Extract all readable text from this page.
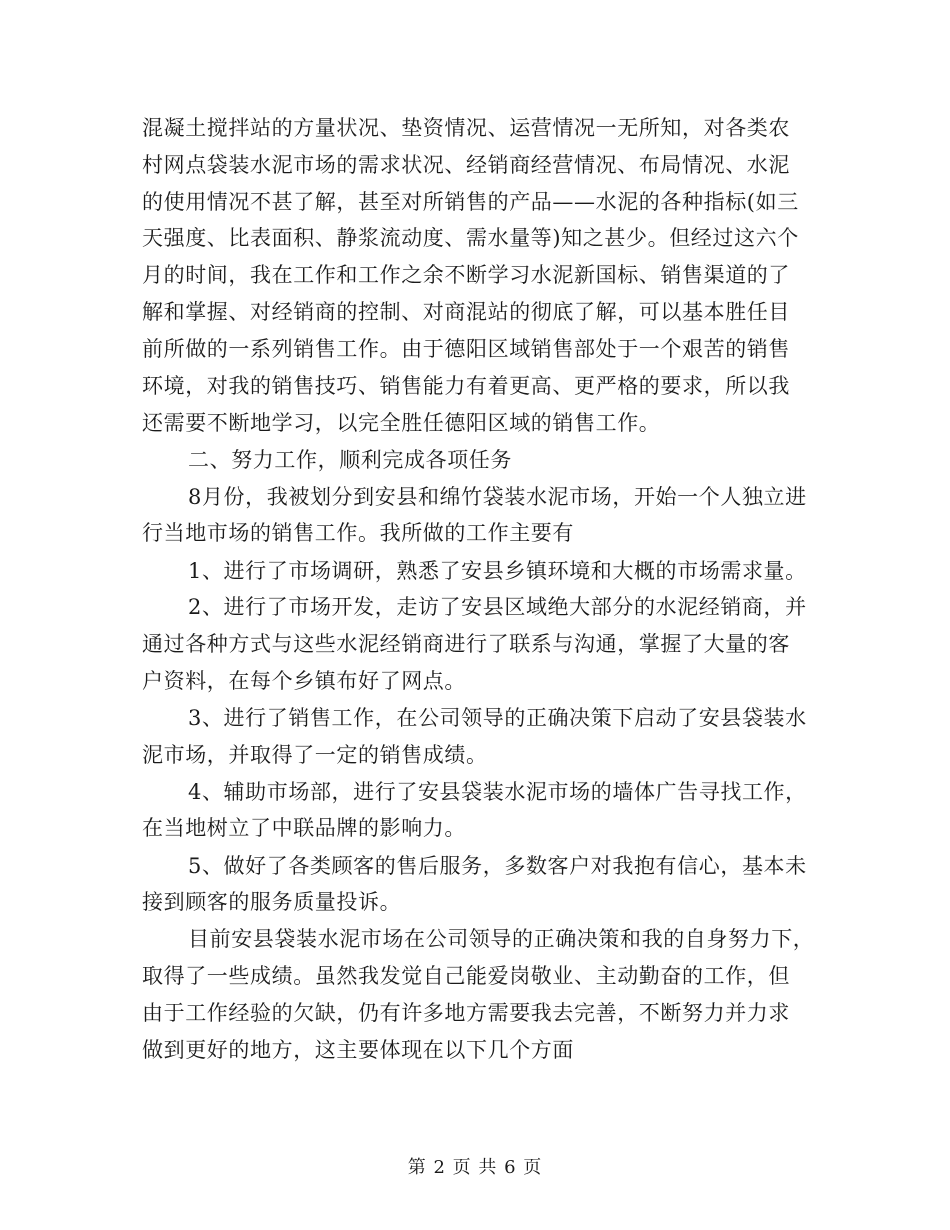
混凝土搅拌站的方量状况、垫资情况、运营情况一无所知，对各类农
村网点袋装水泥市场的需求状况、经销商经营情况、布局情况、水泥
的使用情况不甚了解，甚至对所销售的产品——水泥的各种指标(如三
天强度、比表面积、静浆流动度、需水量等)知之甚少。但经过这六个
月的时间，我在工作和工作之余不断学习水泥新国标、销售渠道的了
解和掌握、对经销商的控制、对商混站的彻底了解，可以基本胜任目
前所做的一系列销售工作。由于德阳区域销售部处于一个艰苦的销售
环境，对我的销售技巧、销售能力有着更高、更严格的要求，所以我
还需要不断地学习，以完全胜任德阳区域的销售工作。
二、努力工作，顺利完成各项任务
8月份，我被划分到安县和绵竹袋装水泥市场，开始一个人独立进
行当地市场的销售工作。我所做的工作主要有
1、进行了市场调研，熟悉了安县乡镇环境和大概的市场需求量。
2、进行了市场开发，走访了安县区域绝大部分的水泥经销商，并
通过各种方式与这些水泥经销商进行了联系与沟通，掌握了大量的客
户资料，在每个乡镇布好了网点。
3、进行了销售工作，在公司领导的正确决策下启动了安县袋装水
泥市场，并取得了一定的销售成绩。
4、辅助市场部，进行了安县袋装水泥市场的墙体广告寻找工作，
在当地树立了中联品牌的影响力。
5、做好了各类顾客的售后服务，多数客户对我抱有信心，基本未
接到顾客的服务质量投诉。
目前安县袋装水泥市场在公司领导的正确决策和我的自身努力下，
取得了一些成绩。虽然我发觉自己能爱岗敬业、主动勤奋的工作，但
由于工作经验的欠缺，仍有许多地方需要我去完善，不断努力并力求
做到更好的地方，这主要体现在以下几个方面
第 2 页 共 6 页
